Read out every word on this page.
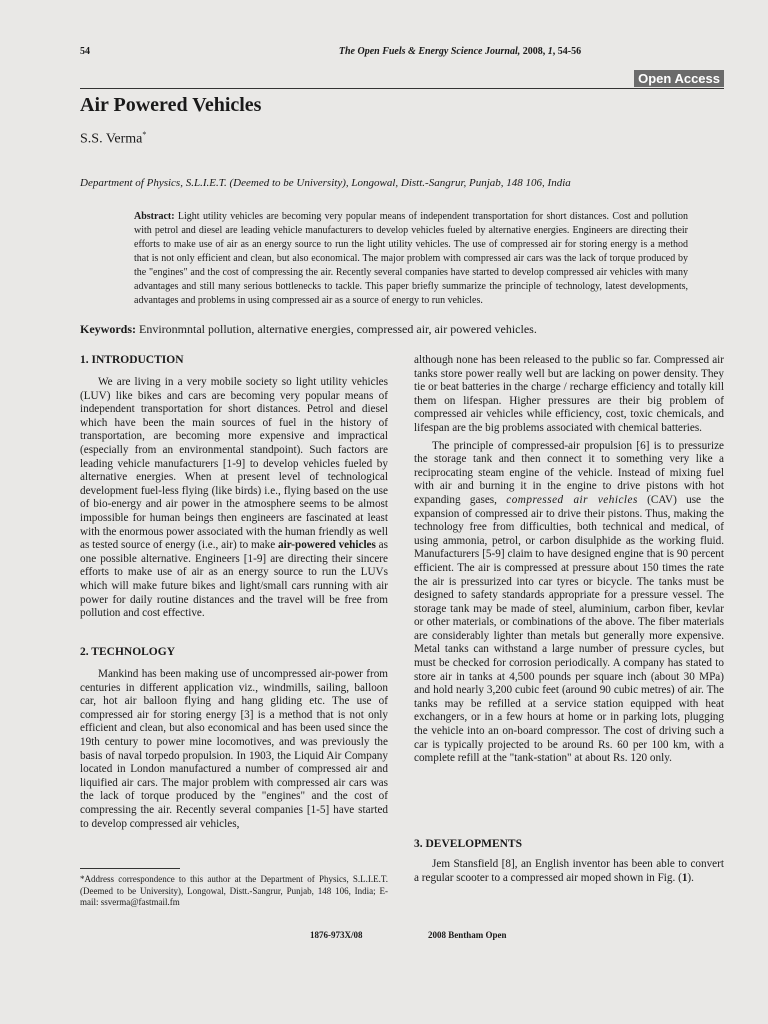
54	The Open Fuels & Energy Science Journal, 2008, 1, 54-56
Open Access
Air Powered Vehicles
S.S. Verma*
Department of Physics, S.L.I.E.T. (Deemed to be University), Longowal, Distt.-Sangrur, Punjab, 148 106, India

Abstract: Light utility vehicles are becoming very popular means of independent transportation for short distances. Cost and pollution with petrol and diesel are leading vehicle manufacturers to develop vehicles fueled by alternative energies. Engineers are directing their efforts to make use of air as an energy source to run the light utility vehicles. The use of compressed air for storing energy is a method that is not only efficient and clean, but also economical. The major problem with compressed air cars was the lack of torque produced by the "engines" and the cost of compressing the air. Recently several companies have started to develop compressed air vehicles with many advantages and still many serious bottlenecks to tackle. This paper briefly summarize the principle of technology, latest developments, advantages and problems in using compressed air as a source of energy to run vehicles.

Keywords: Environmntal pollution, alternative energies, compressed air, air powered vehicles.
1. INTRODUCTION

We are living in a very mobile society so light utility vehicles (LUV) like bikes and cars are becoming very popular means of independent transportation for short distances. Petrol and diesel which have been the main sources of fuel in the history of transportation, are becoming more expensive and impractical (especially from an environmental standpoint). Such factors are leading vehicle manufacturers [1-9] to develop vehicles fueled by alternative energies. When at present level of technological development fuel-less flying (like birds) i.e., flying based on the use of bio-energy and air power in the atmosphere seems to be almost impossible for human beings then engineers are fascinated at least with the enormous power associated with the human friendly as well as tested source of energy (i.e., air) to make air-powered vehicles as one possible alternative. Engineers [1-9] are directing their sincere efforts to make use of air as an energy source to run the LUVs which will make future bikes and light/small cars running with air power for daily routine distances and the travel will be free from pollution and cost effective.

2. TECHNOLOGY

Mankind has been making use of uncompressed air-power from centuries in different application viz., windmills, sailing, balloon car, hot air balloon flying and hang gliding etc. The use of compressed air for storing energy [3] is a method that is not only efficient and clean, but also economical and has been used since the 19th century to power mine locomotives, and was previously the basis of naval torpedo propulsion. In 1903, the Liquid Air Company located in London manufactured a number of compressed air and liquified air cars. The major problem with compressed air cars was the lack of torque produced by the "engines" and the cost of compressing the air. Recently several companies [1-5] have started to develop compressed air vehicles,

*Address correspondence to this author at the Department of Physics, S.L.I.E.T. (Deemed to be University), Longowal, Distt.-Sangrur, Punjab, 148 106, India; E-mail: ssverma@fastmail.fm

although none has been released to the public so far. Compressed air tanks store power really well but are lacking on power density. They tie or beat batteries in the charge / recharge efficiency and totally kill them on lifespan. Higher pressures are their big problem of compressed air vehicles while efficiency, cost, toxic chemicals, and lifespan are the big problems associated with chemical batteries.

The principle of compressed-air propulsion [6] is to pressurize the storage tank and then connect it to something very like a reciprocating steam engine of the vehicle. Instead of mixing fuel with air and burning it in the engine to drive pistons with hot expanding gases, compressed air vehicles (CAV) use the expansion of compressed air to drive their pistons. Thus, making the technology free from difficulties, both technical and medical, of using ammonia, petrol, or carbon disulphide as the working fluid. Manufacturers [5-9] claim to have designed engine that is 90 percent efficient. The air is compressed at pressure about 150 times the rate the air is pressurized into car tyres or bicycle. The tanks must be designed to safety standards appropriate for a pressure vessel. The storage tank may be made of steel, aluminium, carbon fiber, kevlar or other materials, or combinations of the above. The fiber materials are considerably lighter than metals but generally more expensive. Metal tanks can withstand a large number of pressure cycles, but must be checked for corrosion periodically. A company has stated to store air in tanks at 4,500 pounds per square inch (about 30 MPa) and hold nearly 3,200 cubic feet (around 90 cubic metres) of air. The tanks may be refilled at a service station equipped with heat exchangers, or in a few hours at home or in parking lots, plugging the vehicle into an on-board compressor. The cost of driving such a car is typically projected to be around Rs. 60 per 100 km, with a complete refill at the "tank-station" at about Rs. 120 only.

3. DEVELOPMENTS

Jem Stansfield [8], an English inventor has been able to convert a regular scooter to a compressed air moped shown in Fig. (1).

1876-973X/08	2008 Bentham Open
